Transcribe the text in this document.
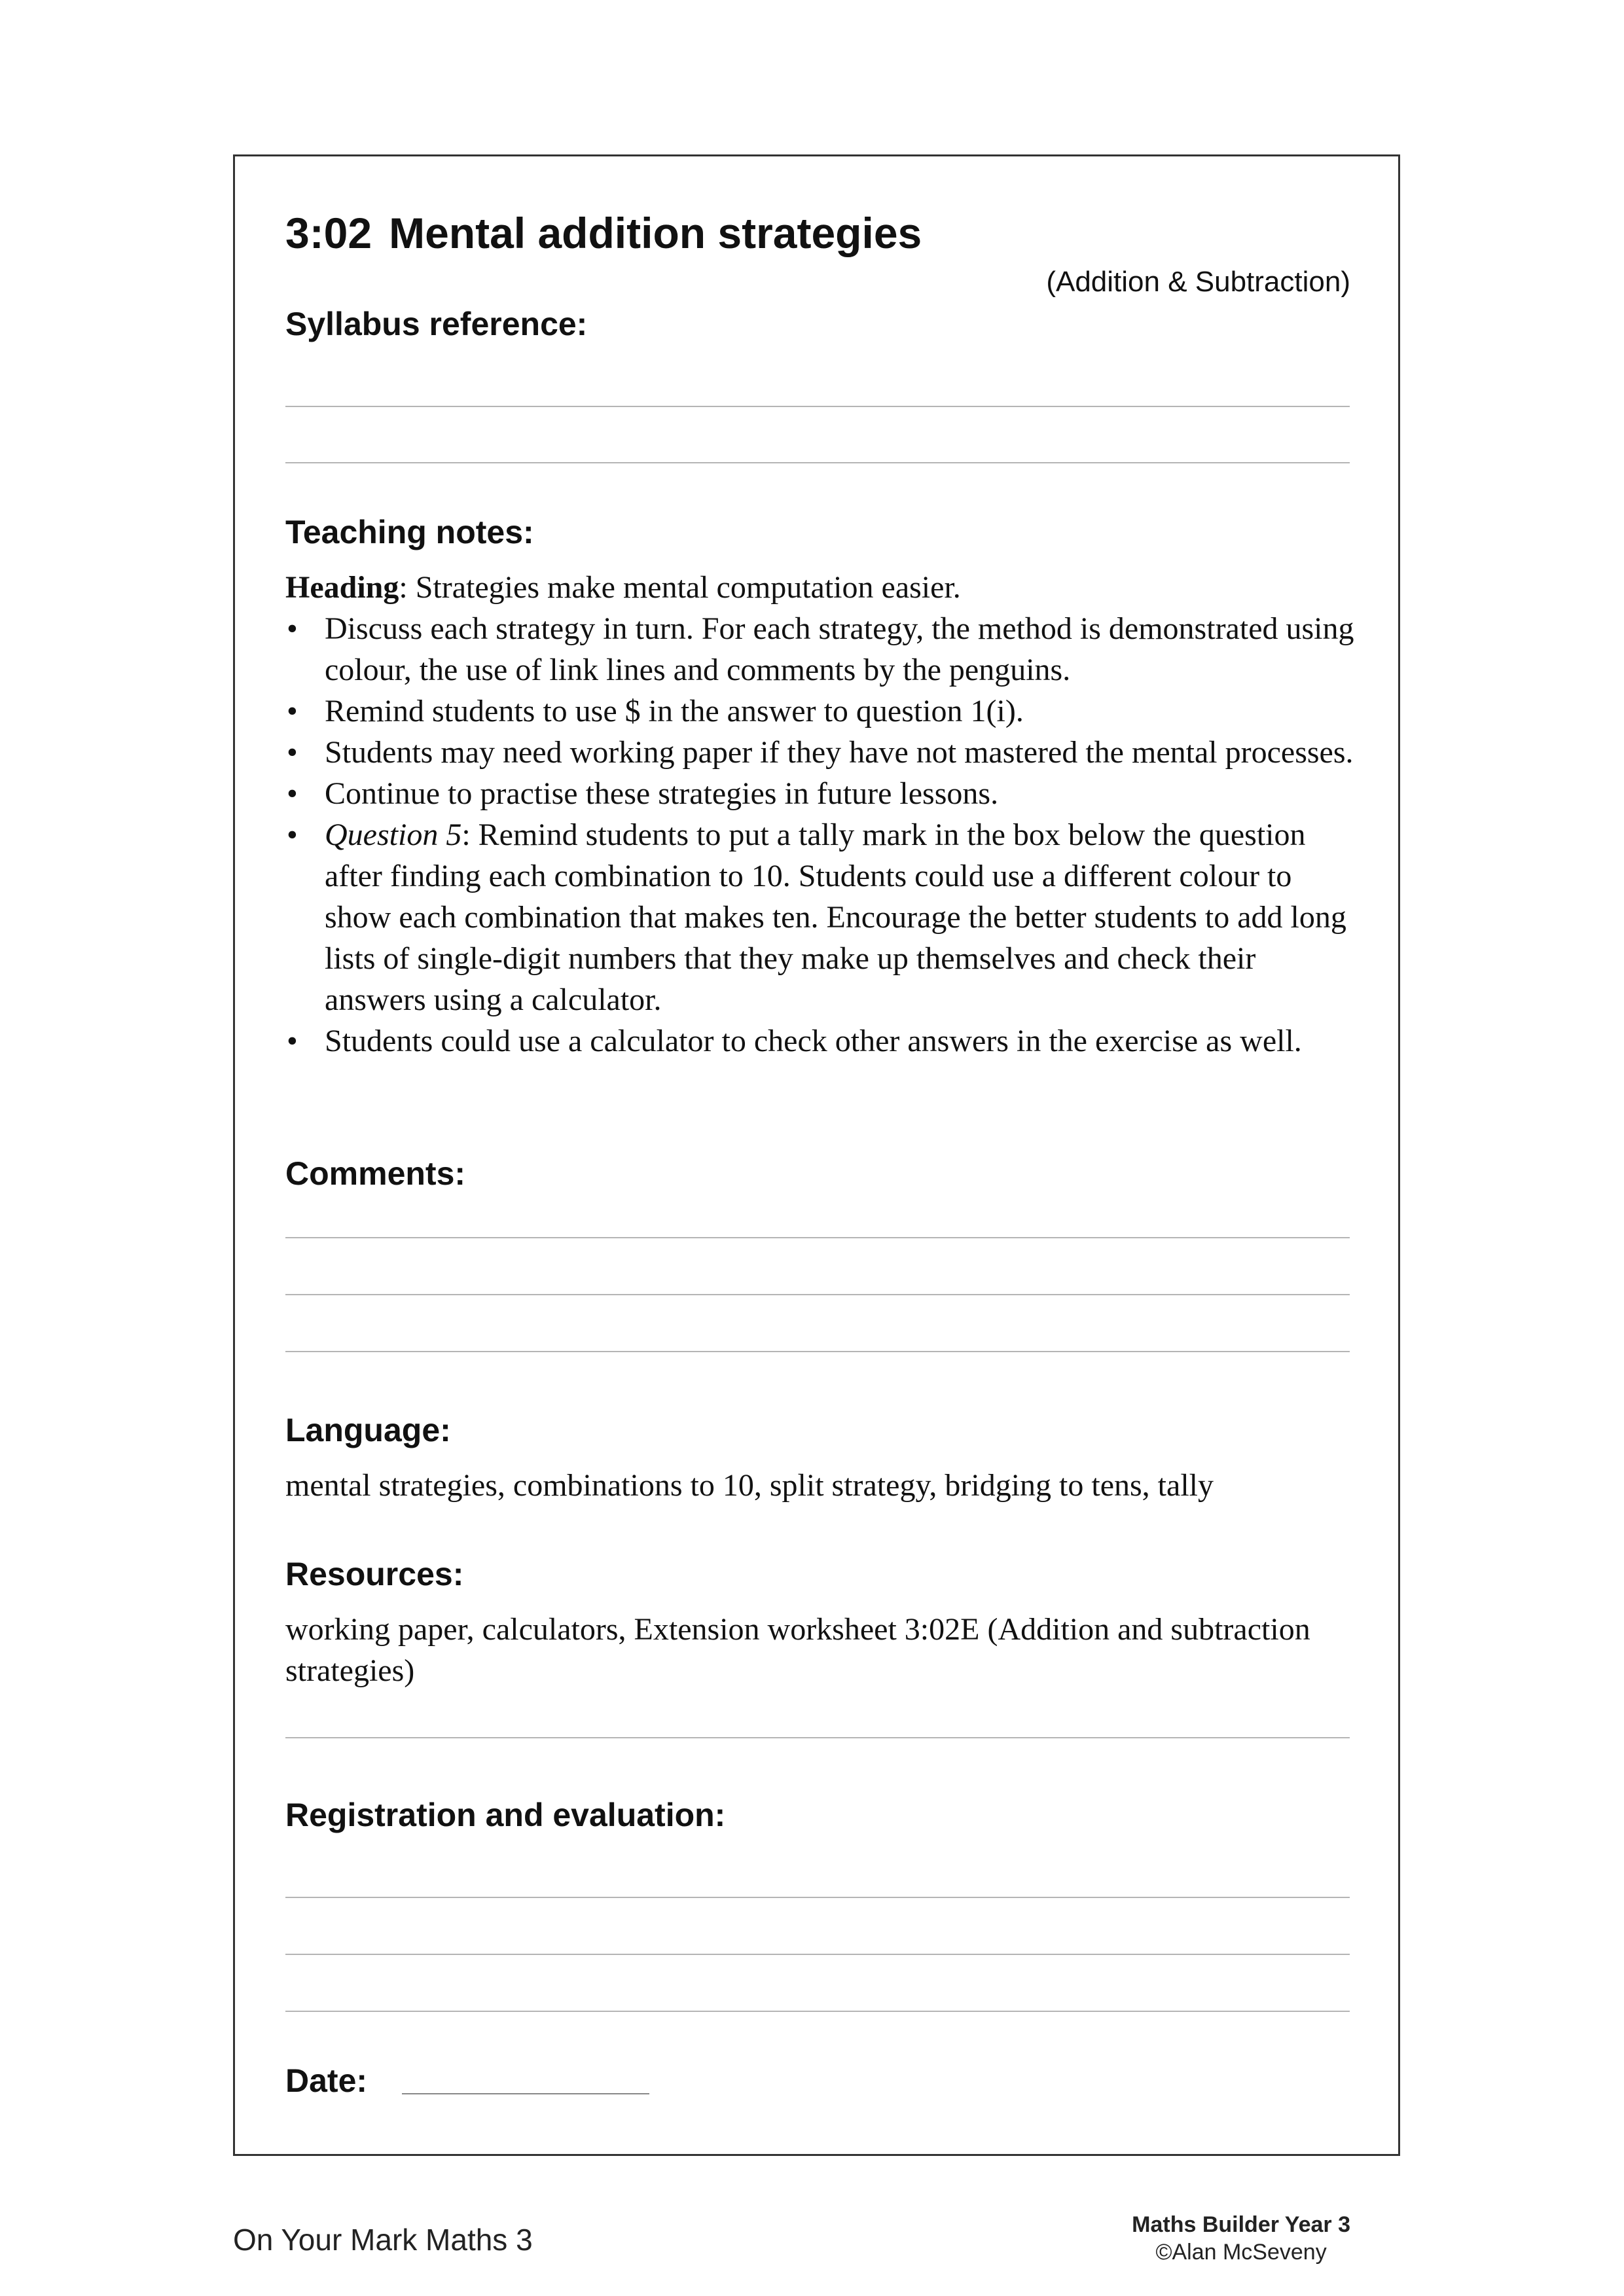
3:02 Mental addition strategies
(Addition & Subtraction)
Syllabus reference:
Teaching notes:

Heading: Strategies make mental computation easier.

• Discuss each strategy in turn. For each strategy, the method is demonstrated using colour, the use of link lines and comments by the penguins.
• Remind students to use $ in the answer to question 1(i).
• Students may need working paper if they have not mastered the mental processes.
• Continue to practise these strategies in future lessons.
• Question 5: Remind students to put a tally mark in the box below the question after finding each combination to 10. Students could use a different colour to show each combination that makes ten. Encourage the better students to add long lists of single-digit numbers that they make up themselves and check their answers using a calculator.
• Students could use a calculator to check other answers in the exercise as well.
Comments:
Language:
mental strategies, combinations to 10, split strategy, bridging to tens, tally
Resources:
working paper, calculators, Extension worksheet 3:02E (Addition and subtraction strategies)
Registration and evaluation:
Date:
On Your Mark Maths 3	Maths Builder Year 3
©Alan McSeveny
